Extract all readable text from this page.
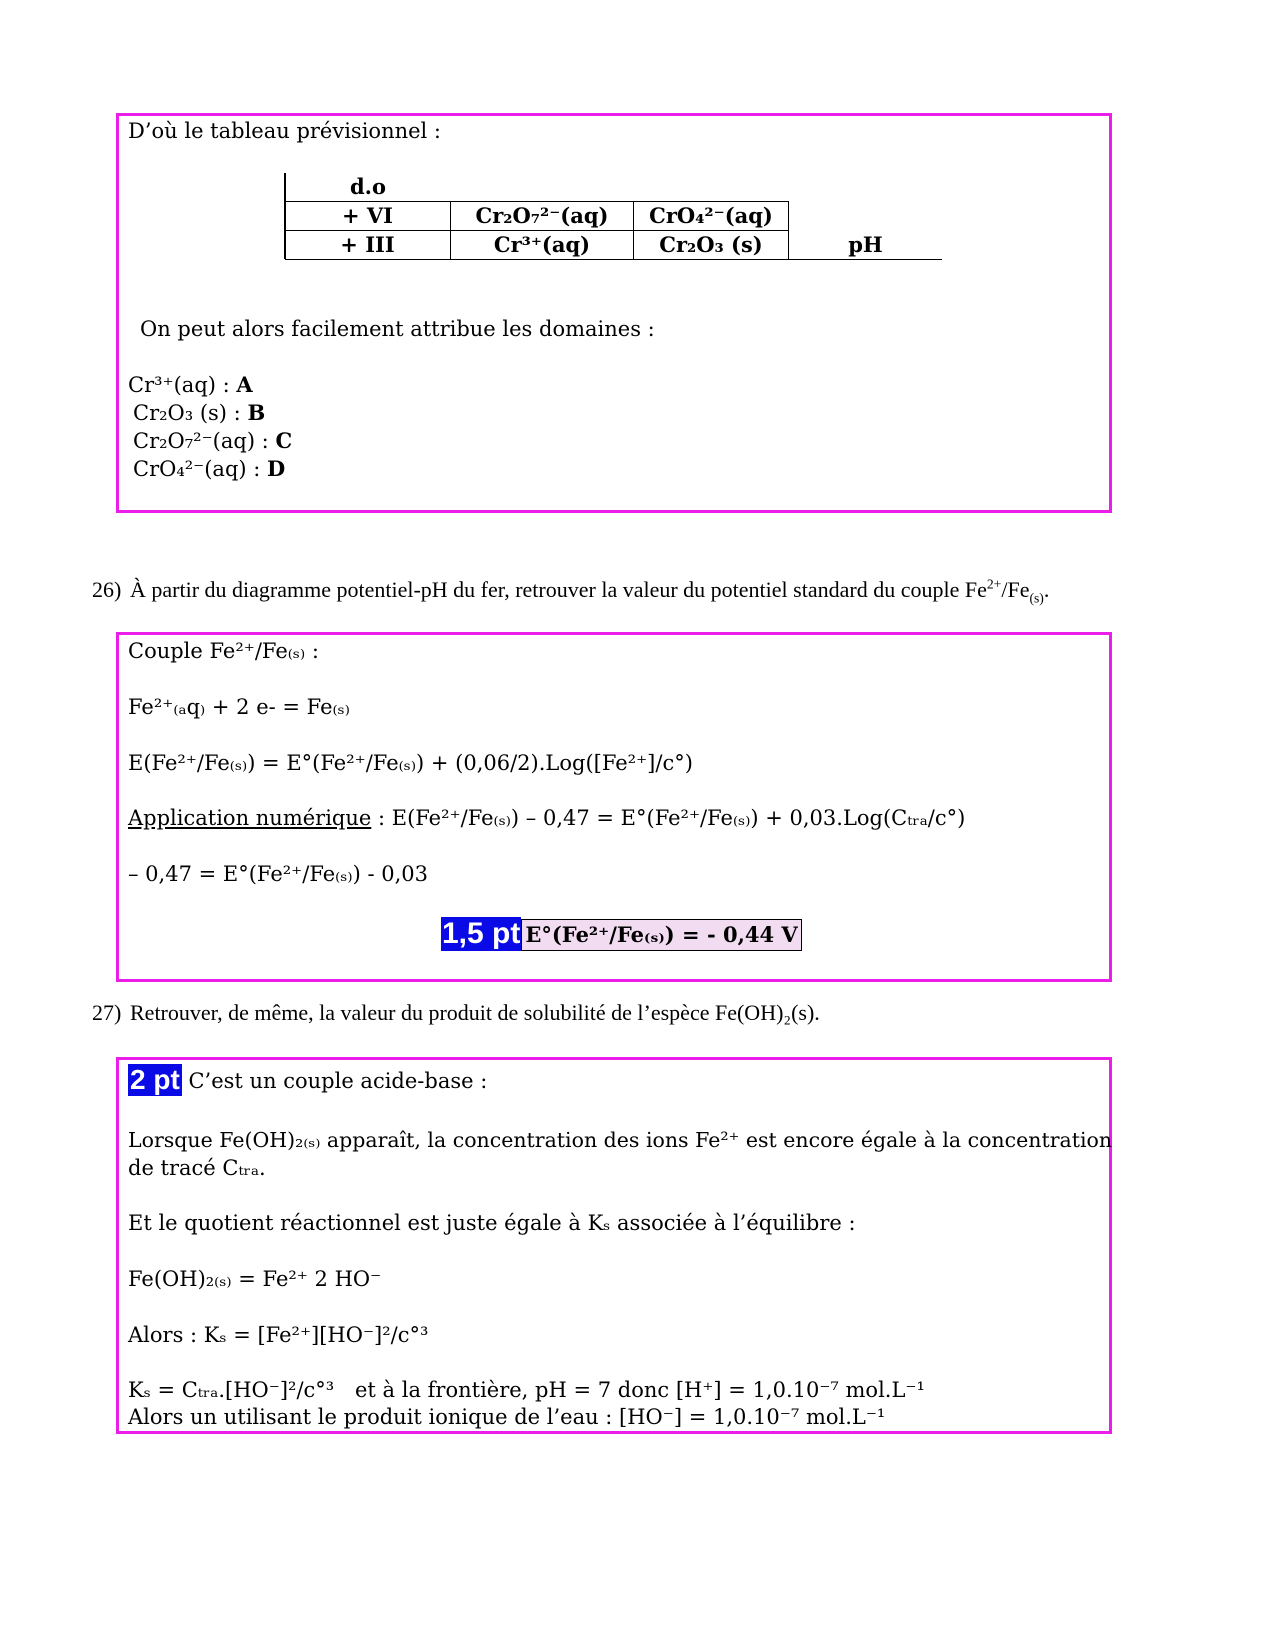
D’où le tableau prévisionnel :
d.o
+ VI	Cr₂O₇²⁻(aq)	CrO₄²⁻(aq)	
+ III	Cr³⁺(aq)	Cr₂O₃ (s)	pH
On peut alors facilement attribue les domaines :
Cr³⁺(aq) : A
Cr₂O₃ (s) : B
Cr₂O₇²⁻(aq) : C
CrO₄²⁻(aq) : D
26) À partir du diagramme potentiel-pH du fer, retrouver la valeur du potentiel standard du couple $Fe^{2+}/Fe_{(s)}$.
Couple Fe²⁺/Fe₍ₛ₎ :
Fe²⁺₍ₐq₎ + 2 e- = Fe₍ₛ₎
E(Fe²⁺/Fe₍ₛ₎) = E°(Fe²⁺/Fe₍ₛ₎) + (0,06/2).Log([Fe²⁺]/c°)
Application numérique : E(Fe²⁺/Fe₍ₛ₎) – 0,47 = E°(Fe²⁺/Fe₍ₛ₎) + 0,03.Log(Cₜᵣₐ/c°)
– 0,47 = E°(Fe²⁺/Fe₍ₛ₎) - 0,03
1,5 pt E°(Fe²⁺/Fe₍ₛ₎) = - 0,44 V
27) Retrouver, de même, la valeur du produit de solubilité de l’espèce Fe(OH)₂(s).
2 pt C’est un couple acide-base :
Lorsque Fe(OH)₂₍ₛ₎ apparaît, la concentration des ions Fe²⁺ est encore égale à la concentration
de tracé Cₜᵣₐ.
Et le quotient réactionnel est juste égale à Kₛ associée à l’équilibre :
Fe(OH)₂₍ₛ₎ = Fe²⁺ 2 HO⁻
Alors : Kₛ = [Fe²⁺][HO⁻]²/c°³
Kₛ = Cₜᵣₐ.[HO⁻]²/c°³ et à la frontière, pH = 7 donc [H⁺] = 1,0.10⁻⁷ mol.L⁻¹
Alors un utilisant le produit ionique de l’eau : [HO⁻] = 1,0.10⁻⁷ mol.L⁻¹
